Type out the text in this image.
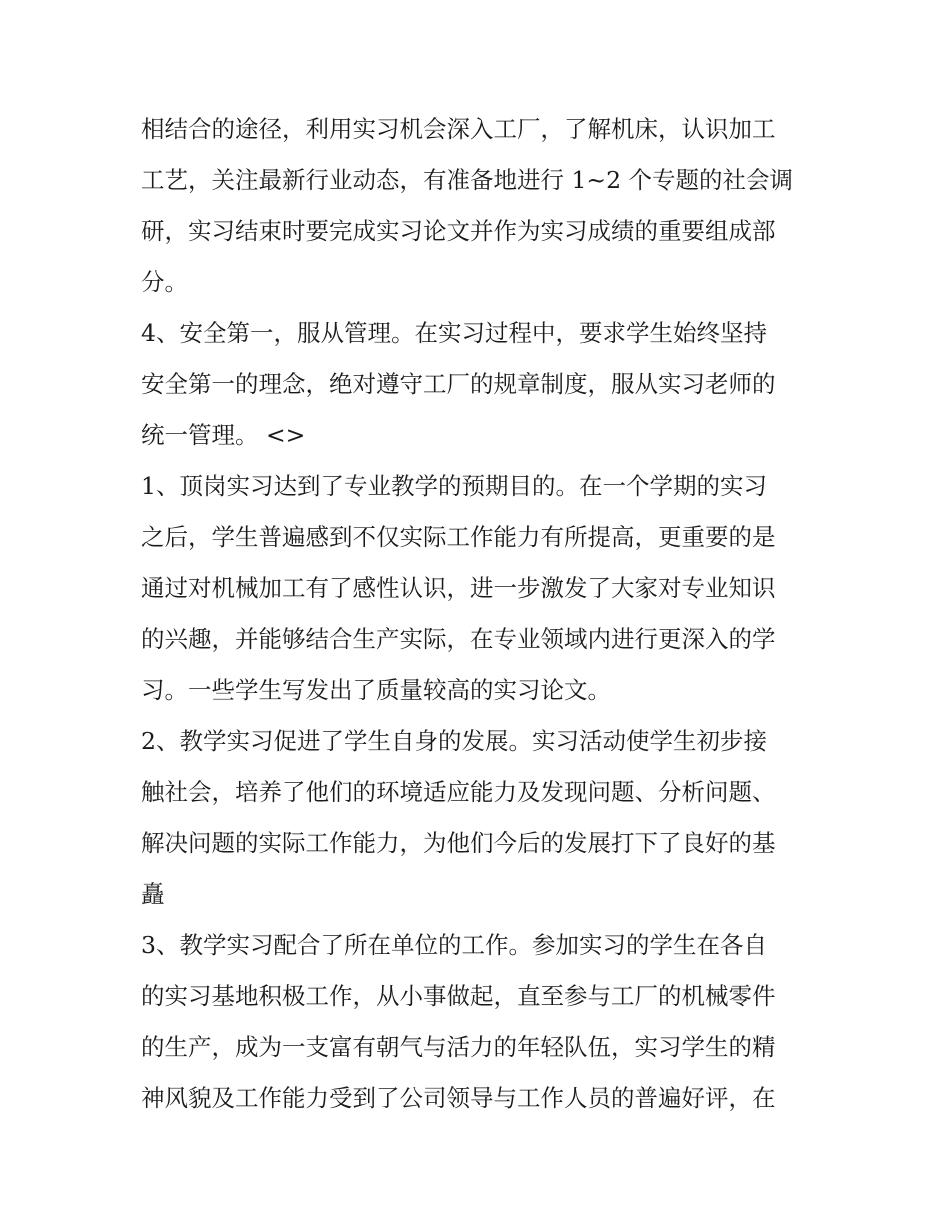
相结合的途径，利用实习机会深入工厂，了解机床，认识加工
工艺，关注最新行业动态，有准备地进行 1~2 个专题的社会调
研，实习结束时要完成实习论文并作为实习成绩的重要组成部
分。
4、安全第一，服从管理。在实习过程中，要求学生始终坚持
安全第一的理念，绝对遵守工厂的规章制度，服从实习老师的
统一管理。 <>
1、顶岗实习达到了专业教学的预期目的。在一个学期的实习
之后，学生普遍感到不仅实际工作能力有所提高，更重要的是
通过对机械加工有了感性认识，进一步激发了大家对专业知识
的兴趣，并能够结合生产实际，在专业领域内进行更深入的学
习。一些学生写发出了质量较高的实习论文。
2、教学实习促进了学生自身的发展。实习活动使学生初步接
触社会，培养了他们的环境适应能力及发现问题、分析问题、
解决问题的实际工作能力，为他们今后的发展打下了良好的基
矗
3、教学实习配合了所在单位的工作。参加实习的学生在各自
的实习基地积极工作，从小事做起，直至参与工厂的机械零件
的生产，成为一支富有朝气与活力的年轻队伍，实习学生的精
神风貌及工作能力受到了公司领导与工作人员的普遍好评，在
